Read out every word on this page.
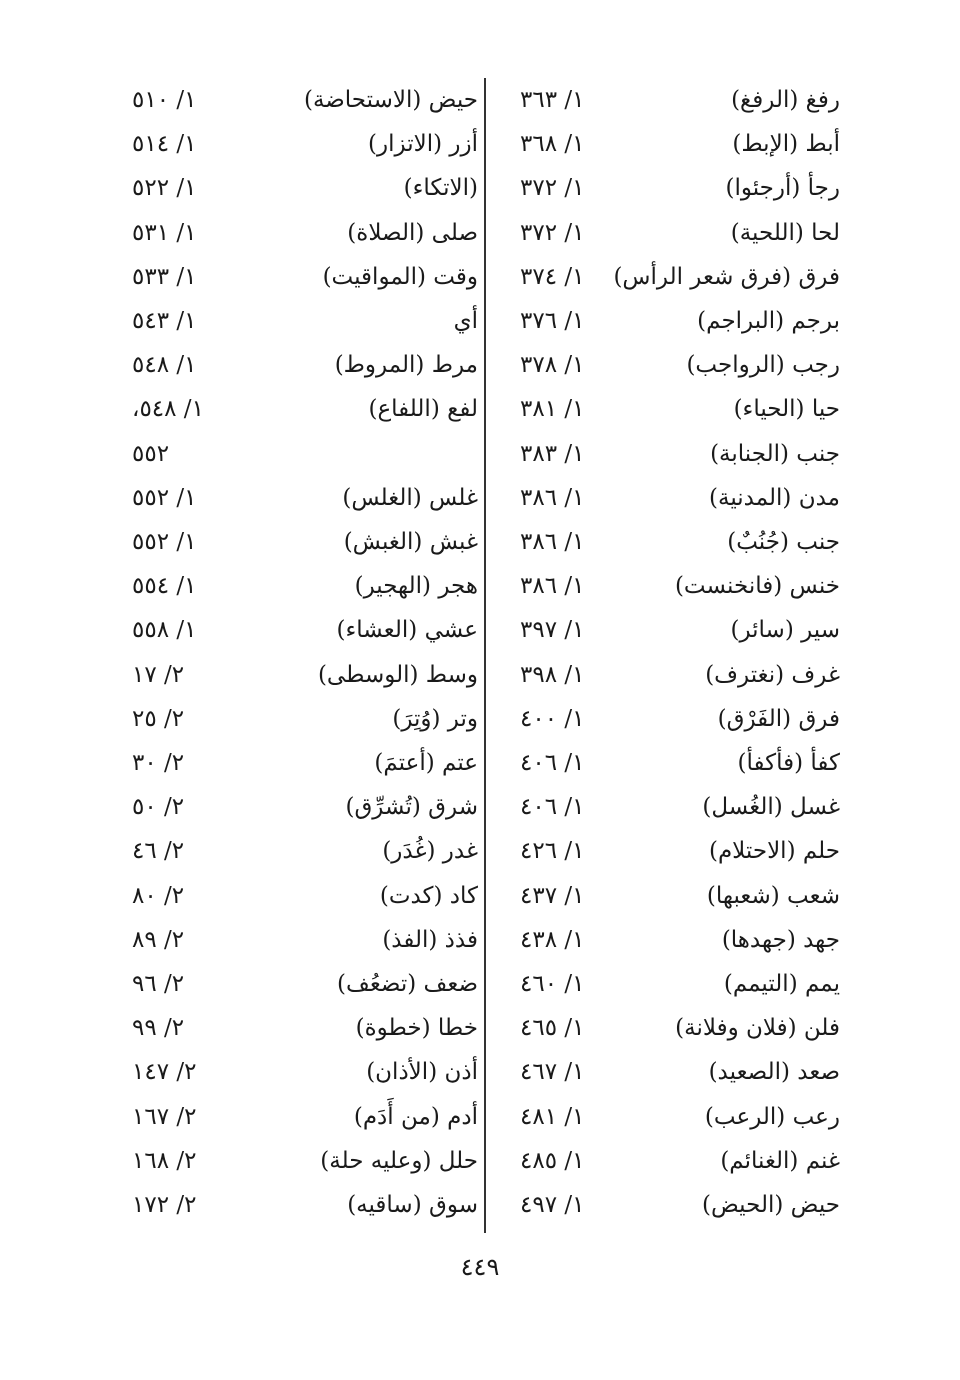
رفغ (الرفغ)
١/ ٣٦٣
أبط (الإبط)
١/ ٣٦٨
رجأ (أرجئوا)
١/ ٣٧٢
لحا (اللحية)
١/ ٣٧٢
فرق (فرق شعر الرأس)
١/ ٣٧٤
برجم (البراجم)
١/ ٣٧٦
رجب (الرواجب)
١/ ٣٧٨
حيا (الحياء)
١/ ٣٨١
جنب (الجنابة)
١/ ٣٨٣
مدن (المدنية)
١/ ٣٨٦
جنب (جُنُبٌ)
١/ ٣٨٦
خنس (فانخنست)
١/ ٣٨٦
سير (سائر)
١/ ٣٩٧
غرف (نغترف)
١/ ٣٩٨
فرق (الفَرْق)
١/ ٤٠٠
كفأ (فأكفأ)
١/ ٤٠٦
غسل (الغُسل)
١/ ٤٠٦
حلم (الاحتلام)
١/ ٤٢٦
شعب (شعبها)
١/ ٤٣٧
جهد (جهدها)
١/ ٤٣٨
يمم (التيمم)
١/ ٤٦٠
فلن (فلان وفلانة)
١/ ٤٦٥
صعد (الصعيد)
١/ ٤٦٧
رعب (الرعب)
١/ ٤٨١
غنم (الغنائم)
١/ ٤٨٥
حيض (الحيض)
١/ ٤٩٧
حيض (الاستحاضة)
١/ ٥١٠
أزر (الاتزار)
١/ ٥١٤
(الاتكاء)
١/ ٥٢٢
صلى (الصلاة)
١/ ٥٣١
وقت (المواقيت)
١/ ٥٣٣
أي
١/ ٥٤٣
مرط (المروط)
١/ ٥٤٨
لفع (اللفاع)
١/ ٥٤٨،
٥٥٢
غلس (الغلس)
١/ ٥٥٢
غبش (الغبش)
١/ ٥٥٢
هجر (الهجير)
١/ ٥٥٤
عشي (العشاء)
١/ ٥٥٨
وسط (الوسطى)
٢/ ١٧
وتر (وُتِرَ)
٢/ ٢٥
عتم (أعتمَ)
٢/ ٣٠
شرق (تُشرِّق)
٢/ ٥٠
غدر (غُدَر)
٢/ ٤٦
كاد (كدت)
٢/ ٨٠
فذذ (الفذ)
٢/ ٨٩
ضعف (تضعُف)
٢/ ٩٦
خطا (خطوة)
٢/ ٩٩
أذن (الأذان)
٢/ ١٤٧
أدم (من أَدَم)
٢/ ١٦٧
حلل (وعليه حلة)
٢/ ١٦٨
سوق (ساقيه)
٢/ ١٧٢
٤٤٩
